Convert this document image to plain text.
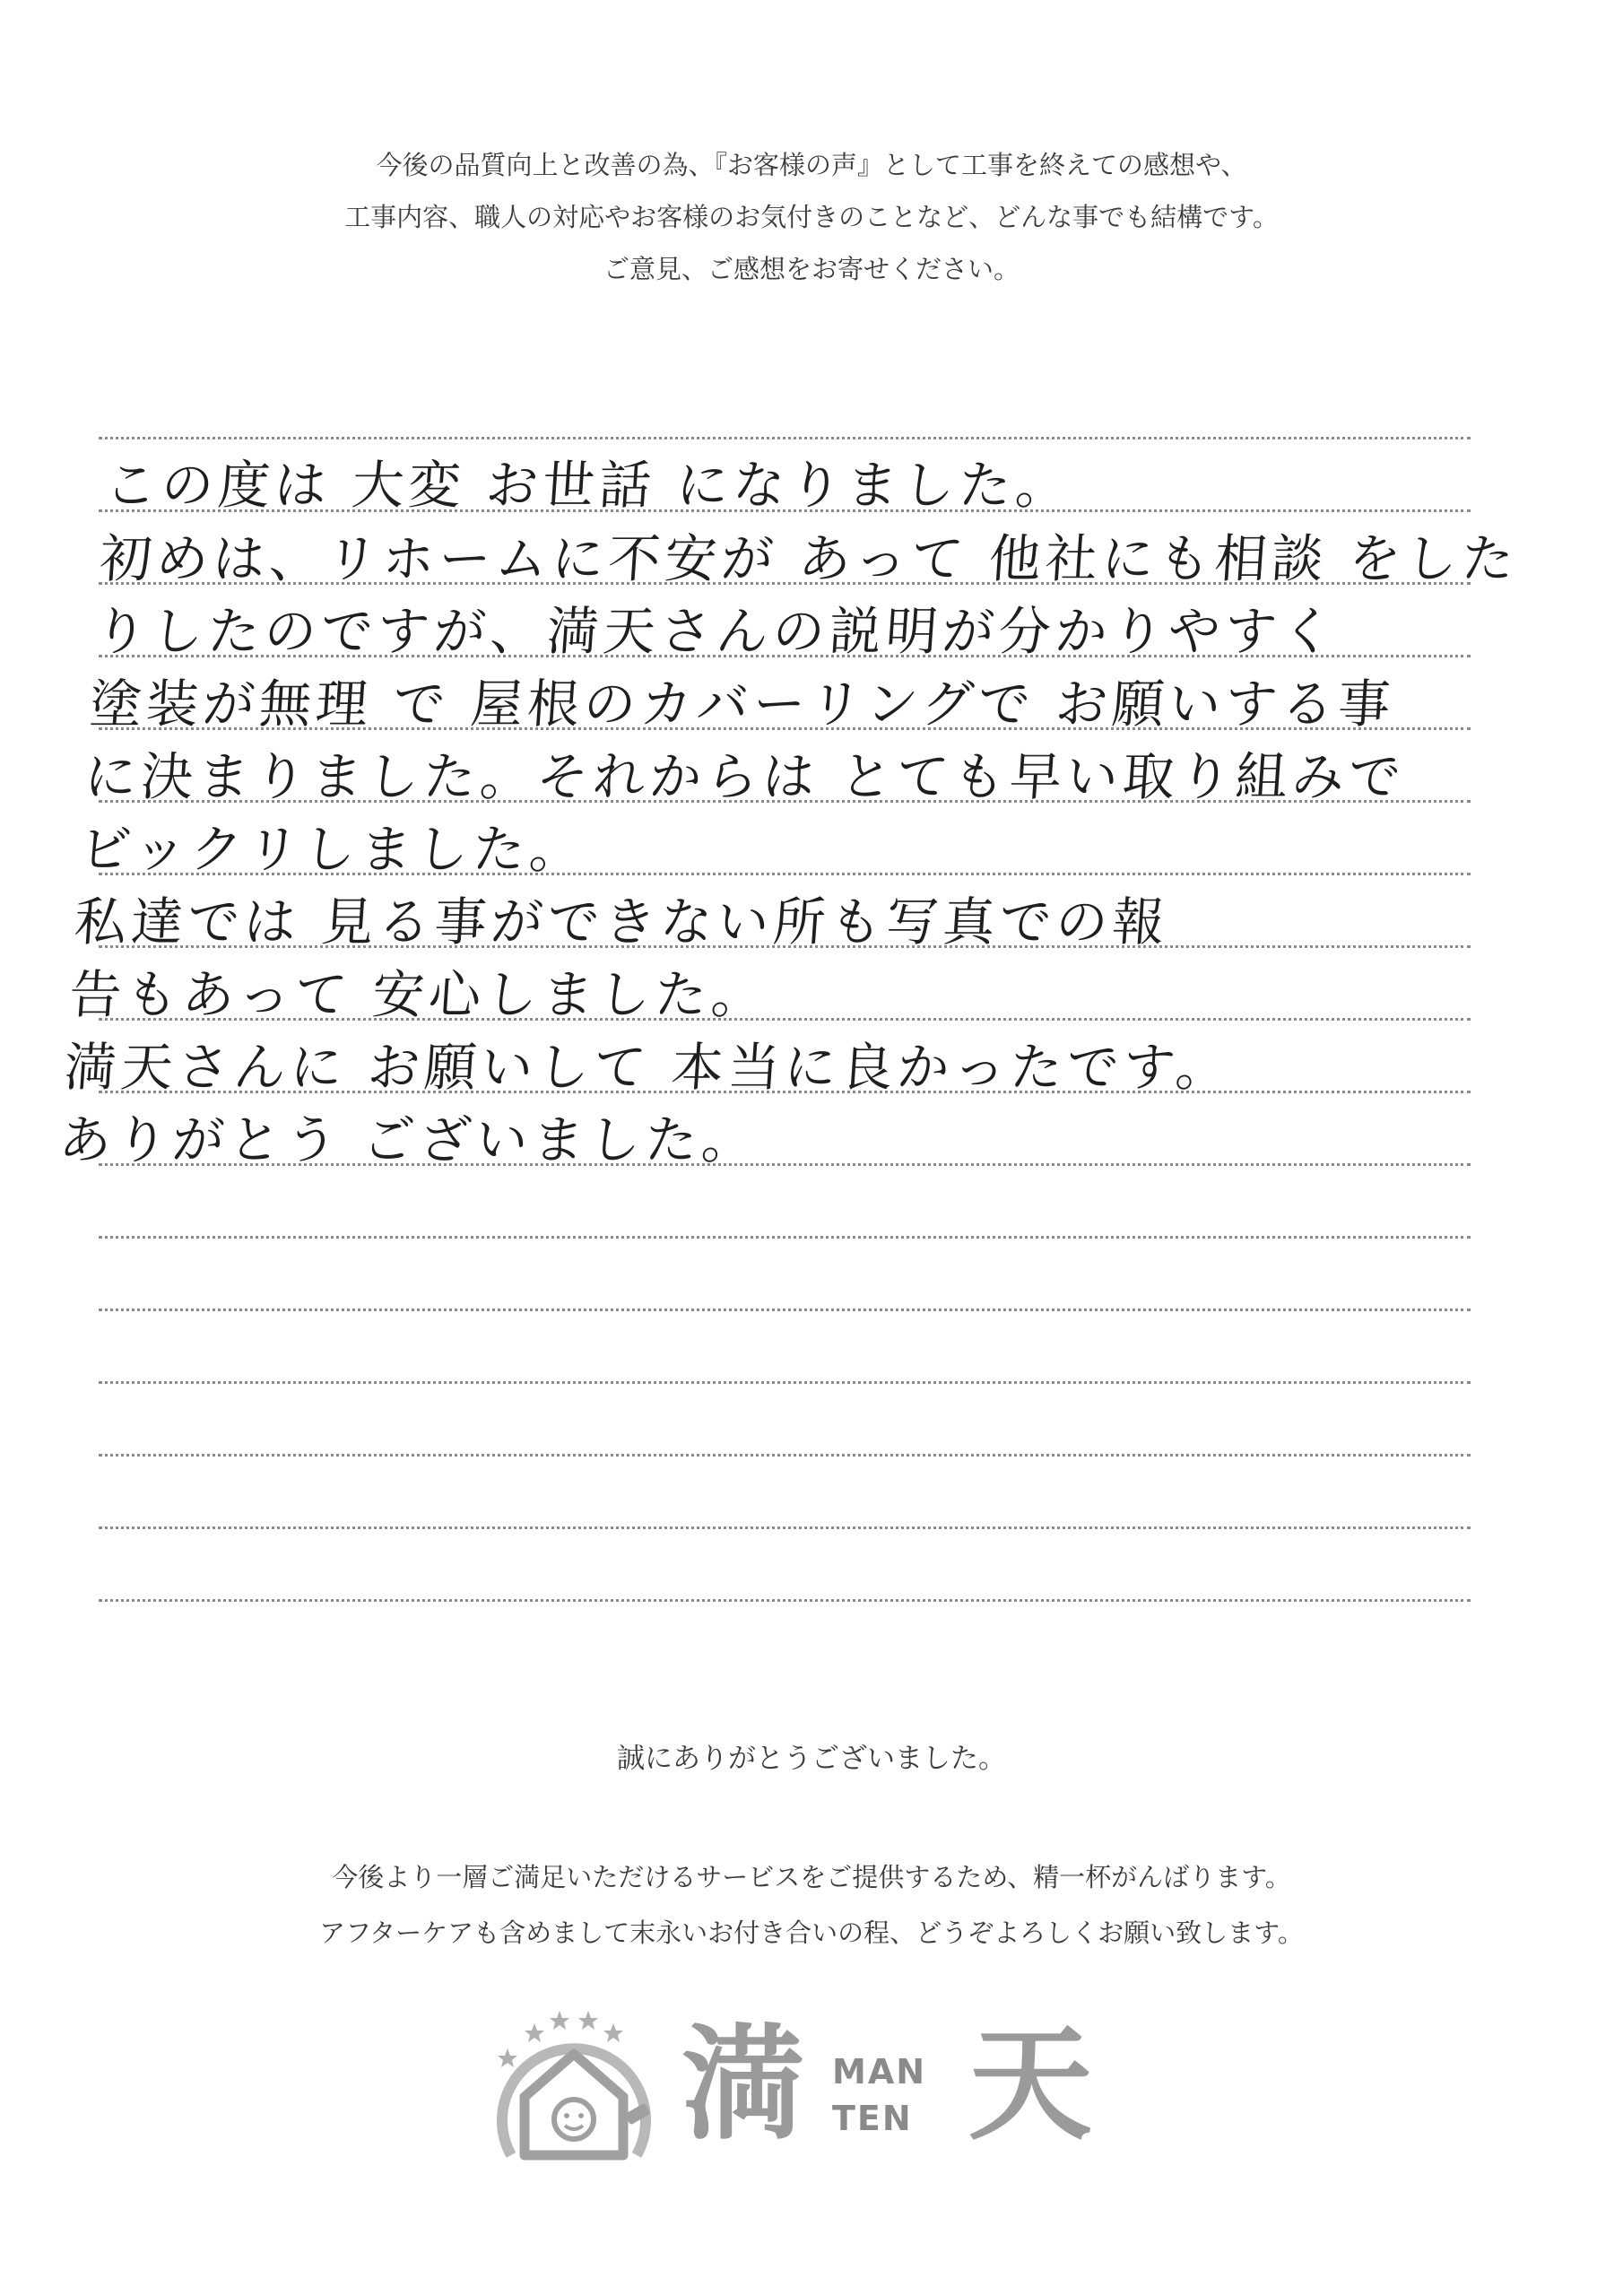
今後の品質向上と改善の為、『お客様の声』として工事を終えての感想や、
工事内容、職人の対応やお客様のお気付きのことなど、どんな事でも結構です。
ご意見、ご感想をお寄せください。
この度は 大変 お世話 になりました。
初めは、リホームに不安が あって 他社にも相談 をした
りしたのですが、満天さんの説明が分かりやすく
塗装が無理 で 屋根のカバーリングで お願いする事
に決まりました。それからは とても早い取り組みで
ビックリしました。
私達では 見る事ができない所も写真での報
告もあって 安心しました。
満天さんに お願いして 本当に良かったです。
ありがとう ございました。
誠にありがとうございました。
今後より一層ご満足いただけるサービスをご提供するため、精一杯がんばります。
アフターケアも含めまして末永いお付き合いの程、どうぞよろしくお願い致します。
満 MAN
TEN 天
